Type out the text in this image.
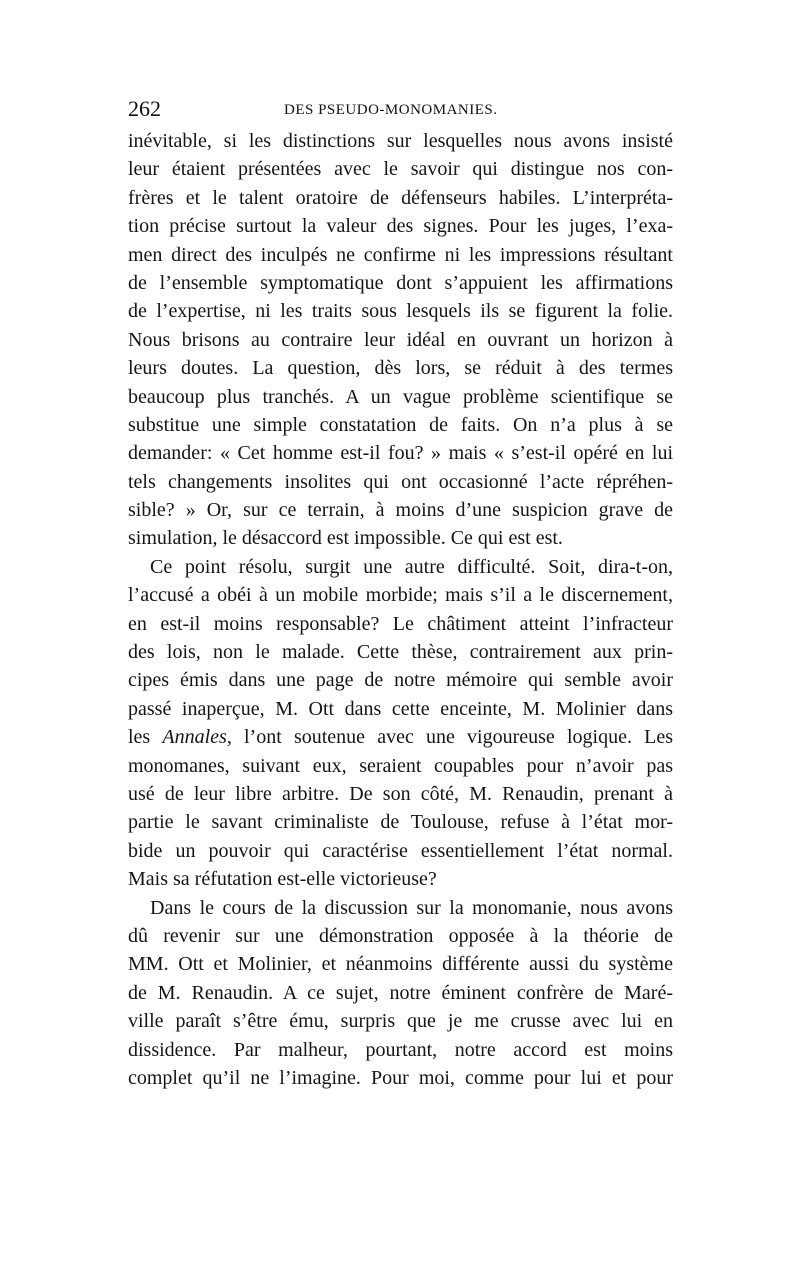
262	DES PSEUDO-MONOMANIES.
inévitable, si les distinctions sur lesquelles nous avons insisté
leur étaient présentées avec le savoir qui distingue nos con-
frères et le talent oratoire de défenseurs habiles. L’interpréta-
tion précise surtout la valeur des signes. Pour les juges, l’exa-
men direct des inculpés ne confirme ni les impressions résultant
de l’ensemble symptomatique dont s’appuient les affirmations
de l’expertise, ni les traits sous lesquels ils se figurent la folie.
Nous brisons au contraire leur idéal en ouvrant un horizon à
leurs doutes. La question, dès lors, se réduit à des termes
beaucoup plus tranchés. A un vague problème scientifique se
substitue une simple constatation de faits. On n’a plus à se
demander: « Cet homme est-il fou? » mais « s’est-il opéré en lui
tels changements insolites qui ont occasionné l’acte répréhen-
sible? » Or, sur ce terrain, à moins d’une suspicion grave de
simulation, le désaccord est impossible. Ce qui est est.
Ce point résolu, surgit une autre difficulté. Soit, dira-t-on,
l’accusé a obéi à un mobile morbide; mais s’il a le discernement,
en est-il moins responsable? Le châtiment atteint l’infracteur
des lois, non le malade. Cette thèse, contrairement aux prin-
cipes émis dans une page de notre mémoire qui semble avoir
passé inaperçue, M. Ott dans cette enceinte, M. Molinier dans
les Annales, l’ont soutenue avec une vigoureuse logique. Les
monomanes, suivant eux, seraient coupables pour n’avoir pas
usé de leur libre arbitre. De son côté, M. Renaudin, prenant à
partie le savant criminaliste de Toulouse, refuse à l’état mor-
bide un pouvoir qui caractérise essentiellement l’état normal.
Mais sa réfutation est-elle victorieuse?
Dans le cours de la discussion sur la monomanie, nous avons
dû revenir sur une démonstration opposée à la théorie de
MM. Ott et Molinier, et néanmoins différente aussi du système
de M. Renaudin. A ce sujet, notre éminent confrère de Maré-
ville paraît s’être ému, surpris que je me crusse avec lui en
dissidence. Par malheur, pourtant, notre accord est moins
complet qu’il ne l’imagine. Pour moi, comme pour lui et pour
